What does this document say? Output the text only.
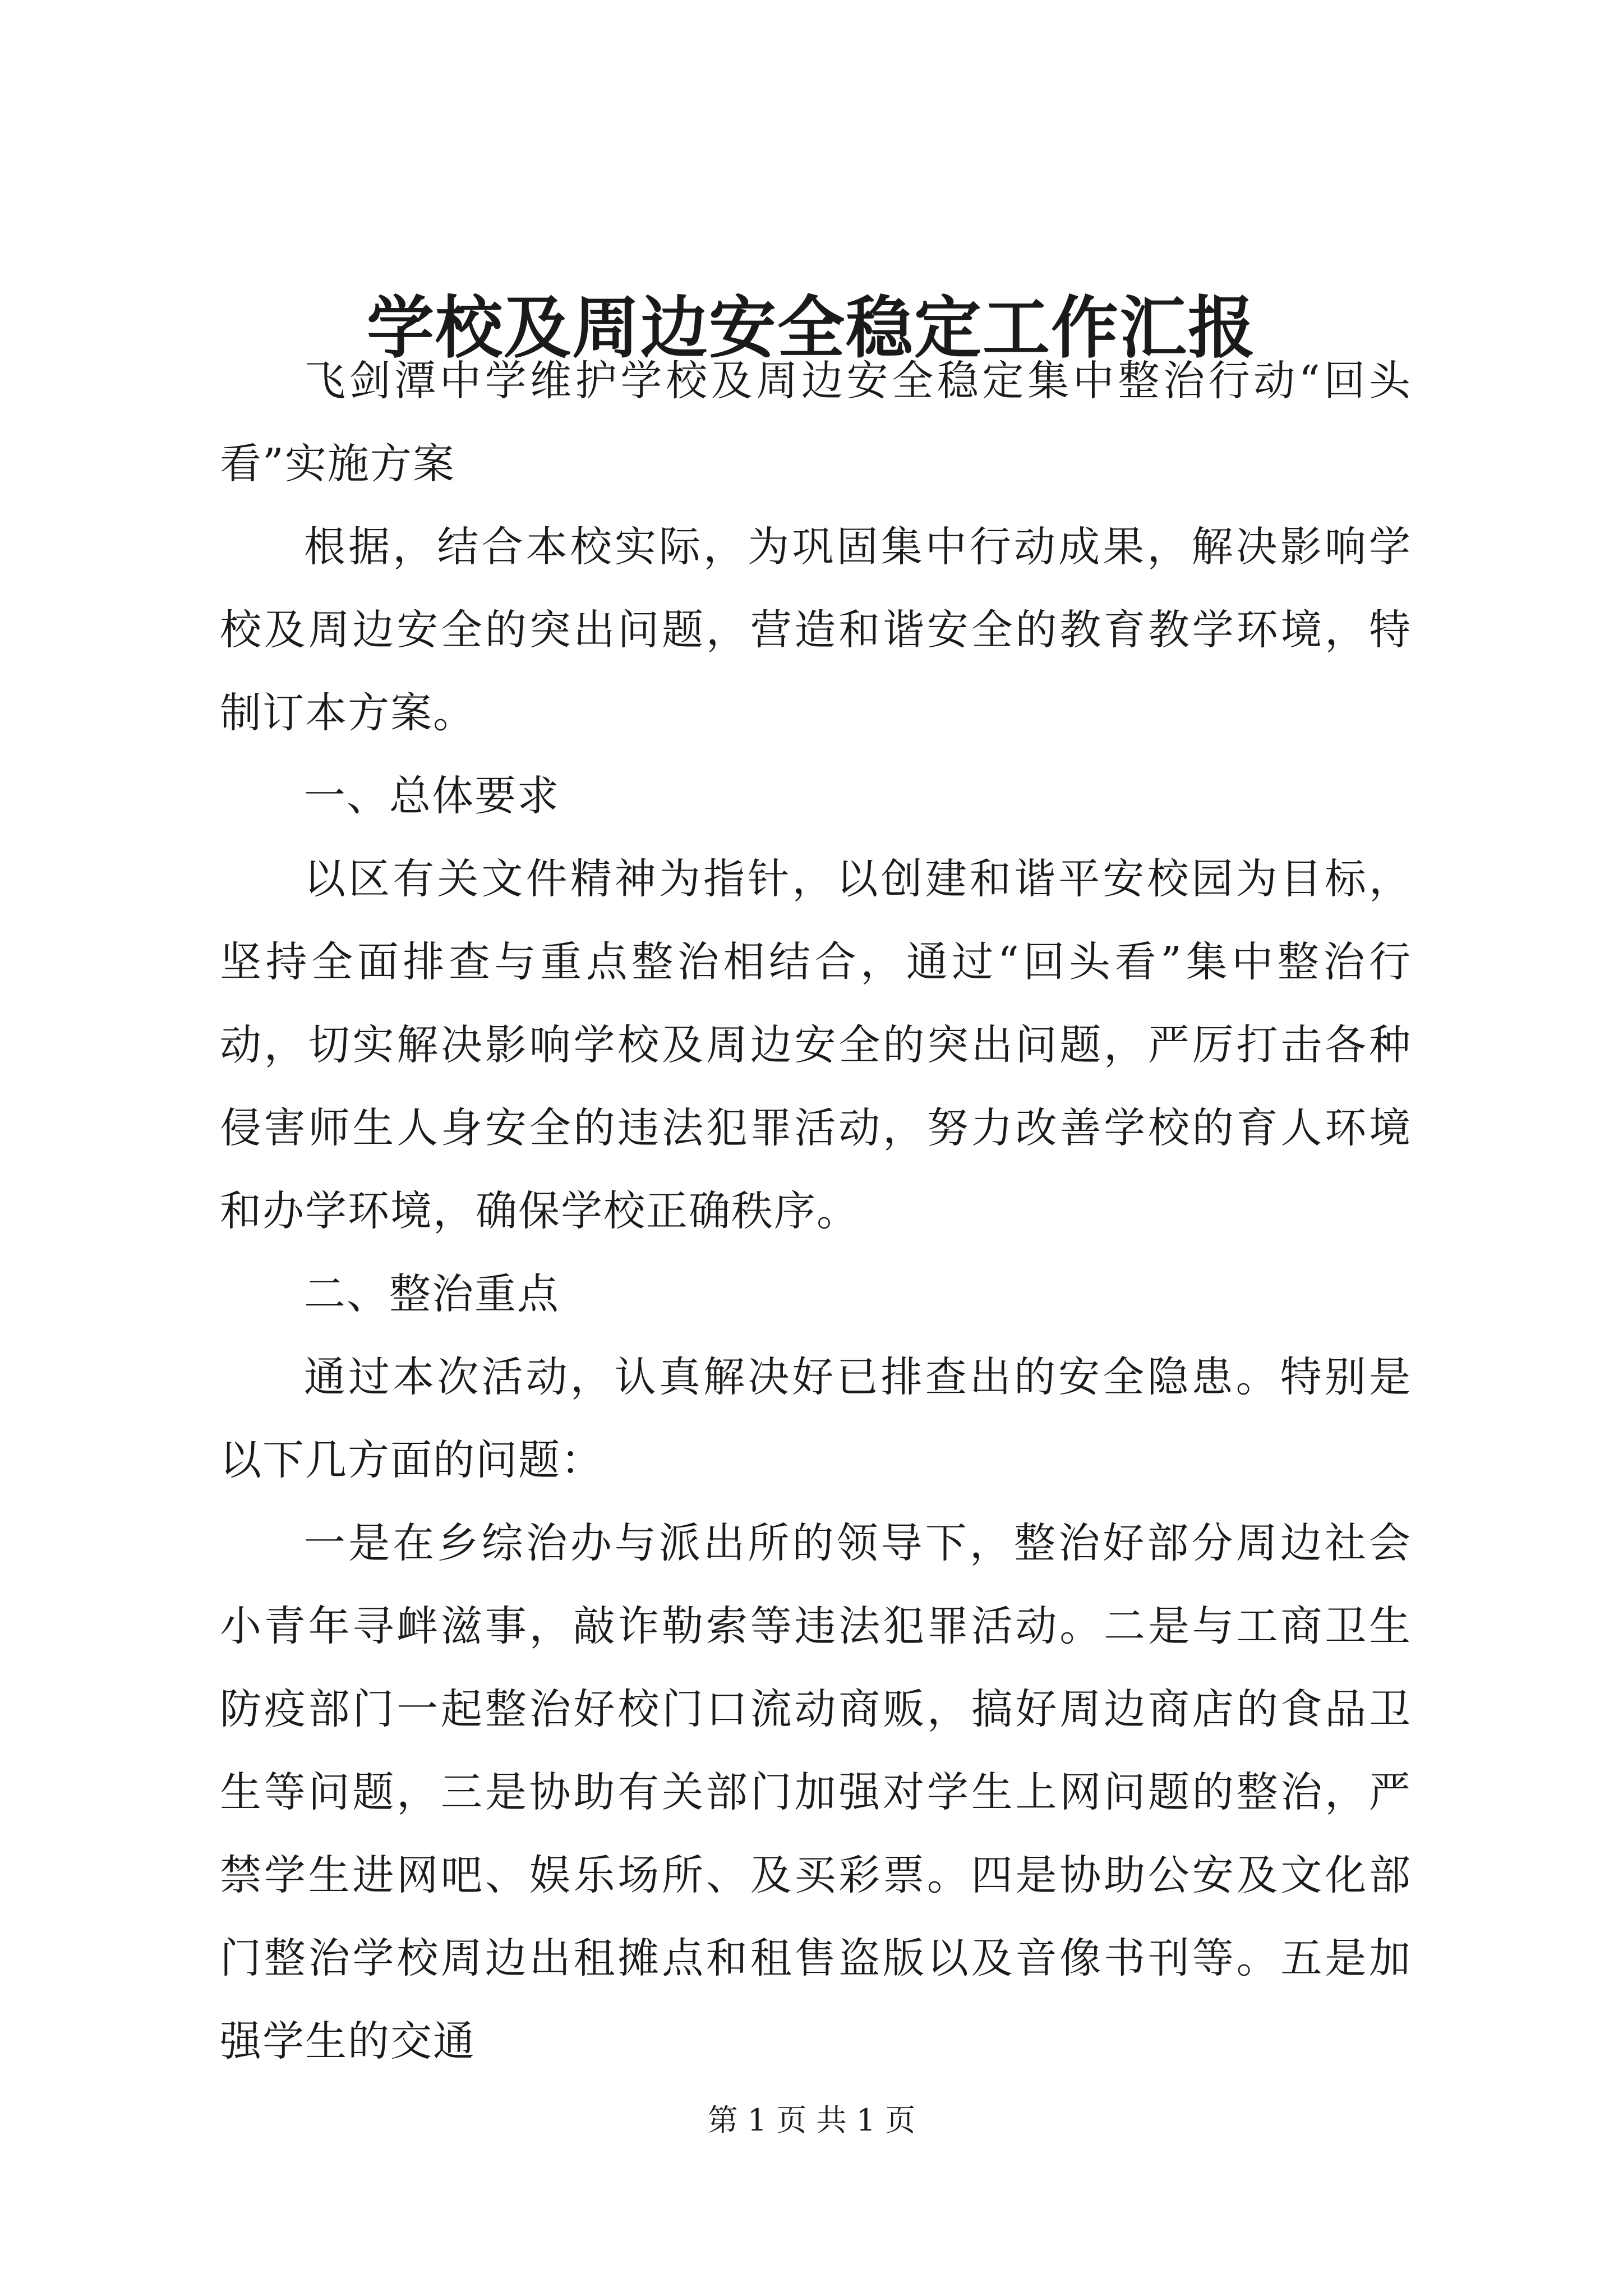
学校及周边安全稳定工作汇报

飞剑潭中学维护学校及周边安全稳定集中整治行动“回头看”实施方案

根据，结合本校实际，为巩固集中行动成果，解决影响学校及周边安全的突出问题，营造和谐安全的教育教学环境，特制订本方案。

一、总体要求

以区有关文件精神为指针，以创建和谐平安校园为目标，坚持全面排查与重点整治相结合，通过“回头看”集中整治行动，切实解决影响学校及周边安全的突出问题，严厉打击各种侵害师生人身安全的违法犯罪活动，努力改善学校的育人环境和办学环境，确保学校正确秩序。

二、整治重点

通过本次活动，认真解决好已排查出的安全隐患。特别是以下几方面的问题：

一是在乡综治办与派出所的领导下，整治好部分周边社会小青年寻衅滋事，敲诈勒索等违法犯罪活动。二是与工商卫生防疫部门一起整治好校门口流动商贩，搞好周边商店的食品卫生等问题，三是协助有关部门加强对学生上网问题的整治，严禁学生进网吧、娱乐场所、及买彩票。四是协助公安及文化部门整治学校周边出租摊点和租售盗版以及音像书刊等。五是加强学生的交通

第 1 页 共 1 页
